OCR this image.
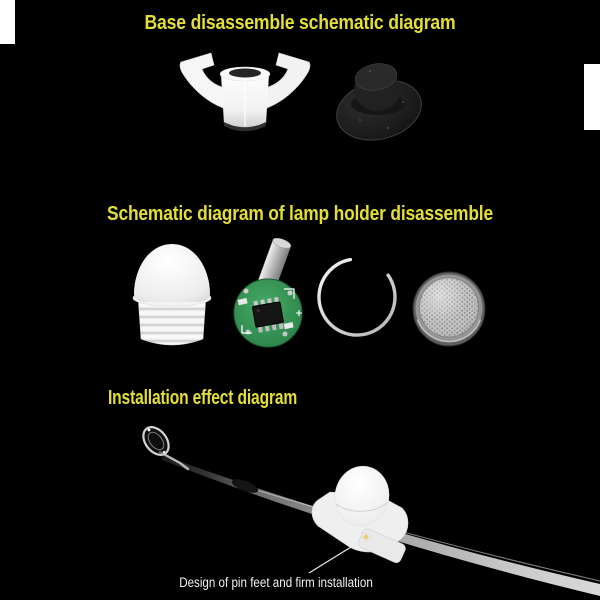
Base disassemble schematic diagram
Schematic diagram of lamp holder disassemble
Installation effect diagram
Design of pin feet and firm installation
